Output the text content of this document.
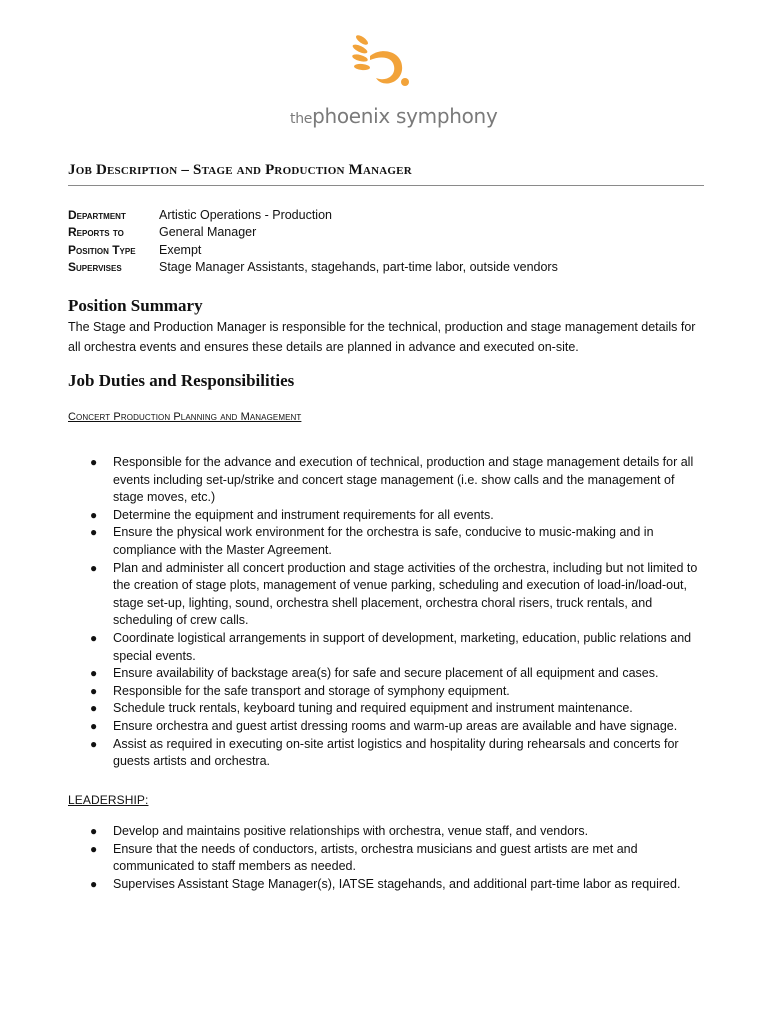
thephoenix symphony
Job Description – Stage and Production Manager
Department	Artistic Operations - Production
Reports to	General Manager
Position Type	Exempt
Supervises	Stage Manager Assistants, stagehands, part-time labor, outside vendors
Position Summary
The Stage and Production Manager is responsible for the technical, production and stage management details for all orchestra events and ensures these details are planned in advance and executed on-site.
Job Duties and Responsibilities
Concert Production Planning and Management
● Responsible for the advance and execution of technical, production and stage management details for all events including set-up/strike and concert stage management (i.e. show calls and the management of stage moves, etc.)
● Determine the equipment and instrument requirements for all events.
● Ensure the physical work environment for the orchestra is safe, conducive to music-making and in compliance with the Master Agreement.
● Plan and administer all concert production and stage activities of the orchestra, including but not limited to the creation of stage plots, management of venue parking, scheduling and execution of load-in/load-out, stage set-up, lighting, sound, orchestra shell placement, orchestra choral risers, truck rentals, and scheduling of crew calls.
● Coordinate logistical arrangements in support of development, marketing, education, public relations and special events.
● Ensure availability of backstage area(s) for safe and secure placement of all equipment and cases.
● Responsible for the safe transport and storage of symphony equipment.
● Schedule truck rentals, keyboard tuning and required equipment and instrument maintenance.
● Ensure orchestra and guest artist dressing rooms and warm-up areas are available and have signage.
● Assist as required in executing on-site artist logistics and hospitality during rehearsals and concerts for guests artists and orchestra.
LEADERSHIP:
● Develop and maintains positive relationships with orchestra, venue staff, and vendors.
● Ensure that the needs of conductors, artists, orchestra musicians and guest artists are met and communicated to staff members as needed.
● Supervises Assistant Stage Manager(s), IATSE stagehands, and additional part-time labor as required.
